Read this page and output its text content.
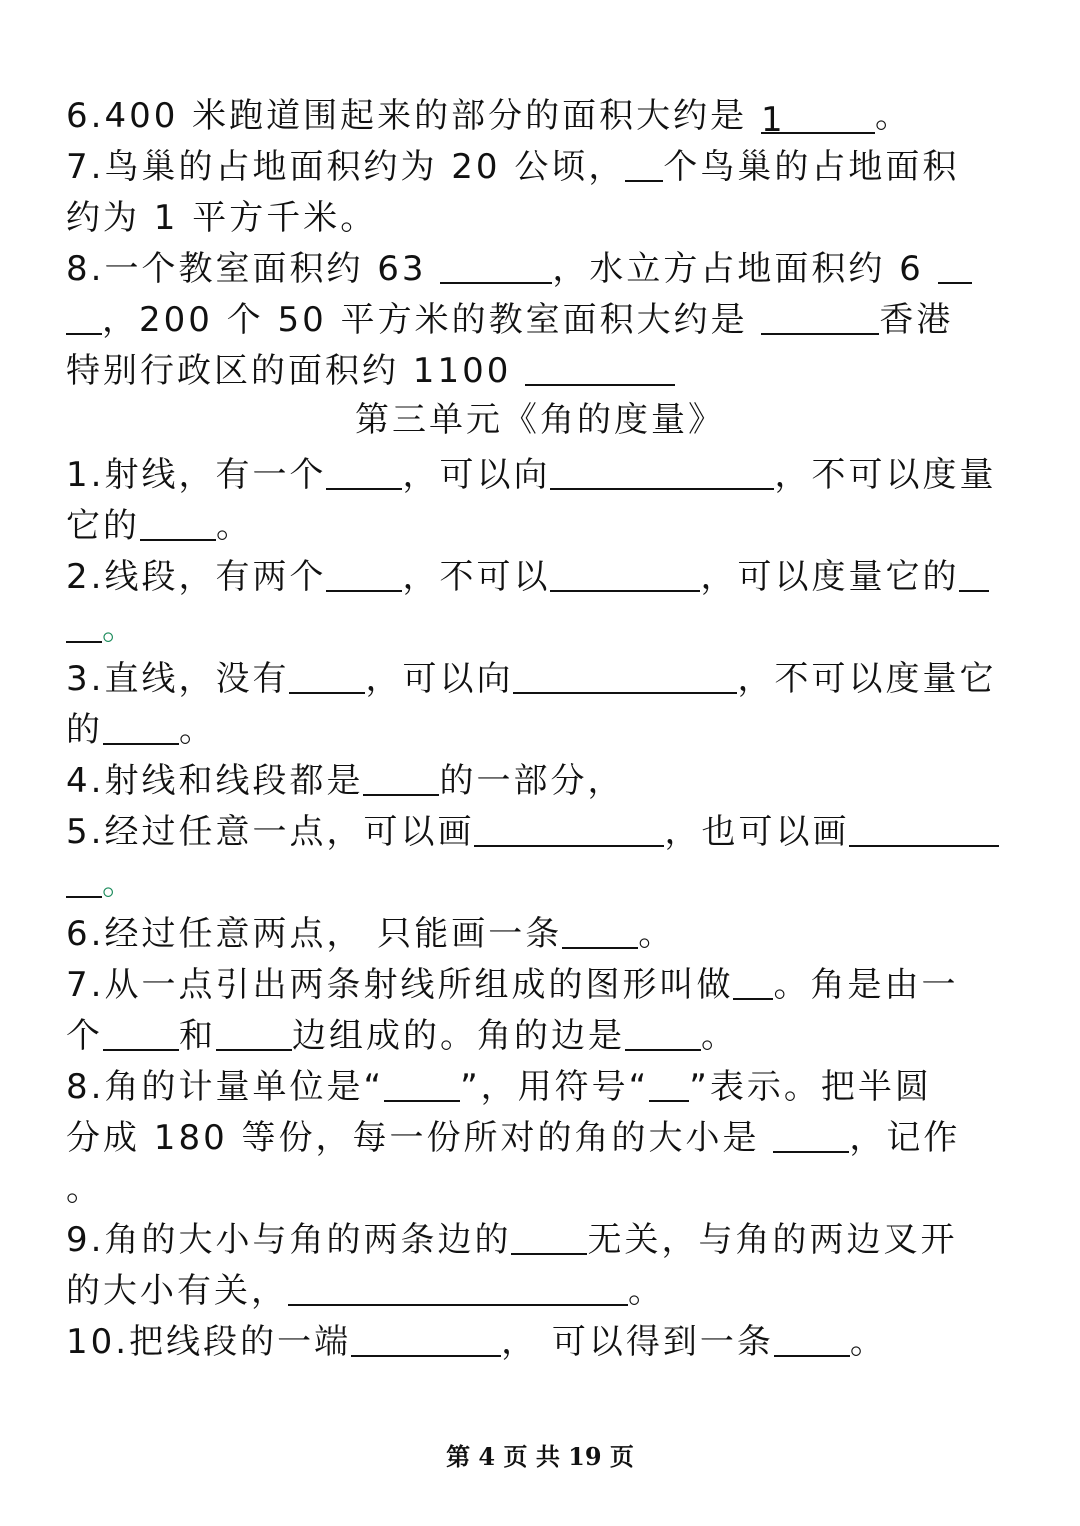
6.400 米跑道围起来的部分的面积大约是 1	。
7.鸟巢的占地面积约为 20 公顷， 个鸟巢的占地面积
约为 1 平方千米。
8.一个教室面积约 63	，水立方占地面积约 6
，200 个 50 平方米的教室面积大约是	香港
特别行政区的面积约 1100
第三单元《角的度量》
1.射线，有一个 ，可以向	，不可以度量
它的 。
2.线段，有两个 ，不可以	，可以度量它的
。
3.直线，没有 ，可以向	，不可以度量它
的 。
4.射线和线段都是 的一部分，
5.经过任意一点，可以画	，也可以画
。
6.经过任意两点， 只能画一条 。
7.从一点引出两条射线所组成的图形叫做 。角是由一
个 和 边组成的。角的边是 。
8.角的计量单位是“ ”，用符号“ ”表示。把半圆
分成 180 等份，每一份所对的角的大小是 ，记作
。
9.角的大小与角的两条边的 无关，与角的两边叉开
的大小有关，	。
10.把线段的一端	， 可以得到一条 。
第 4 页 共 19 页
